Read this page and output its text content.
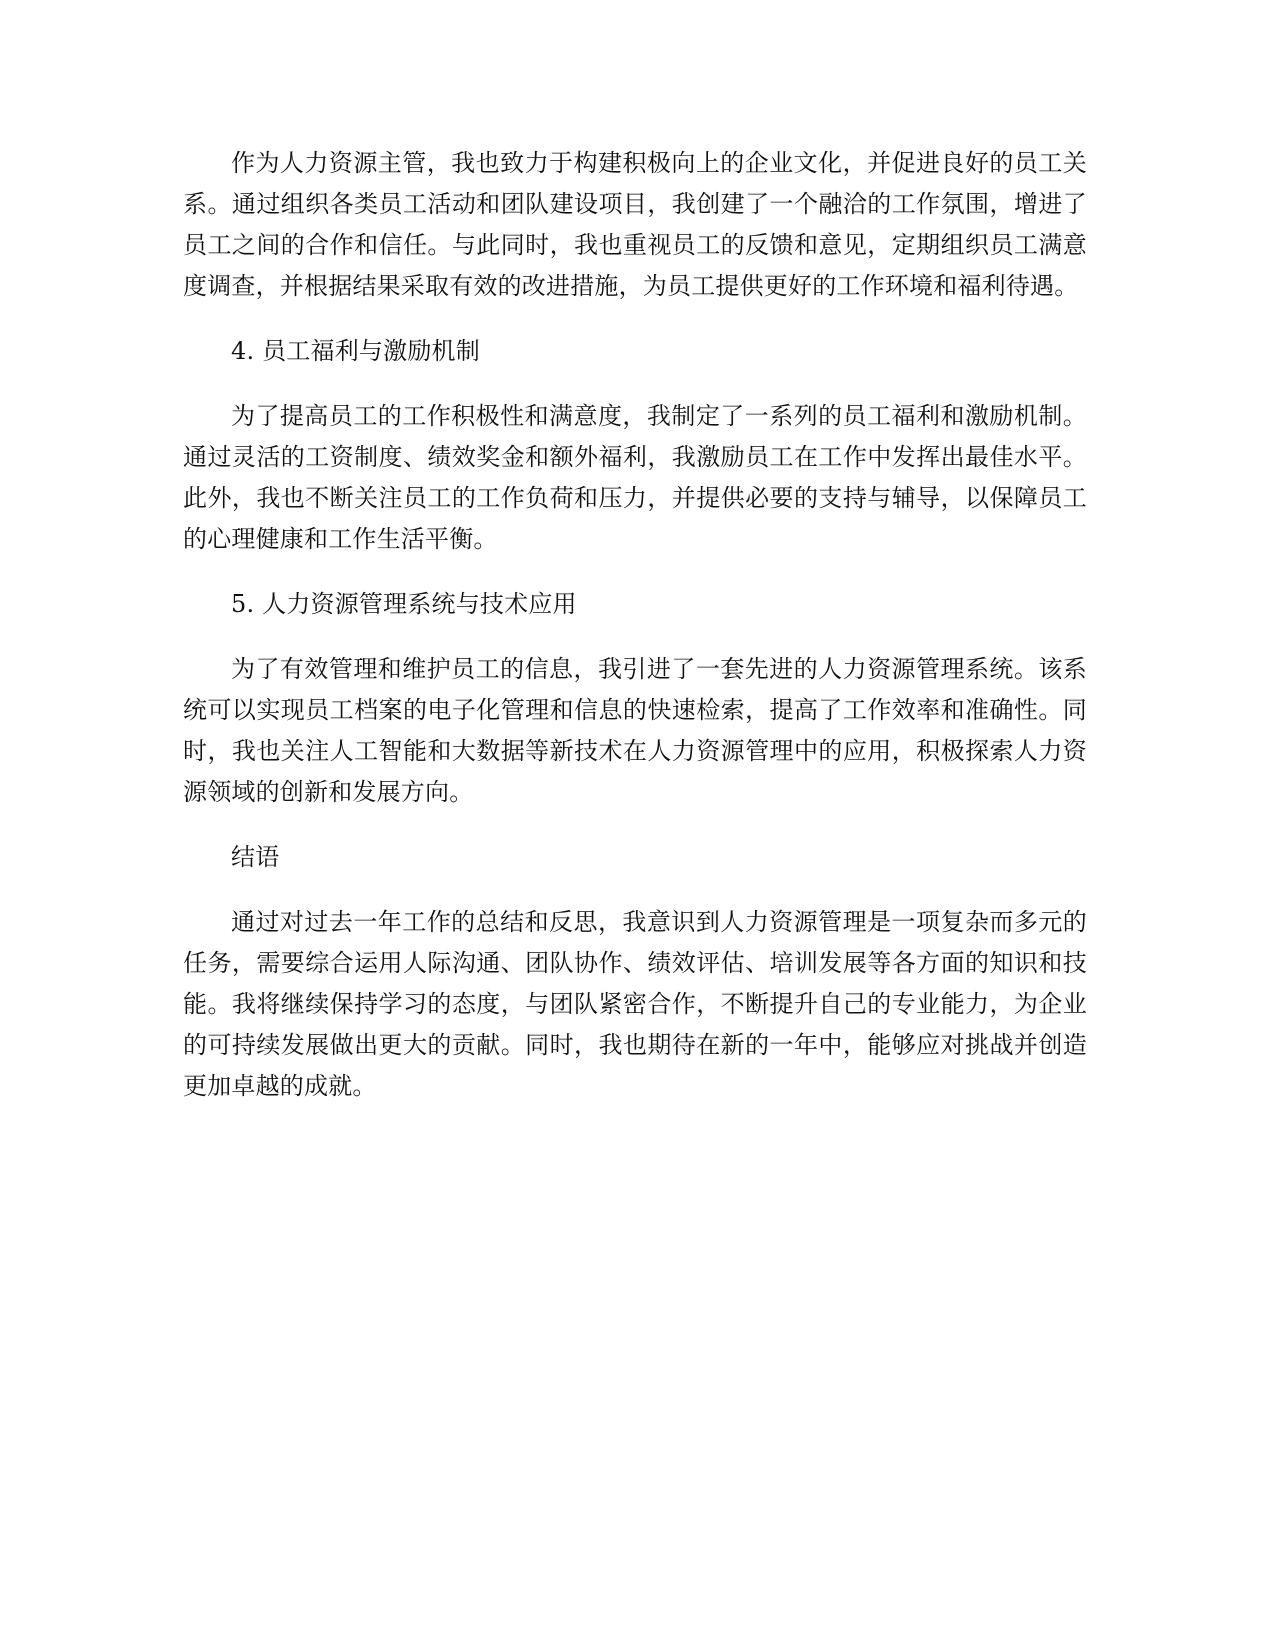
作为人力资源主管，我也致力于构建积极向上的企业文化，并促进良好的员工关系。通过组织各类员工活动和团队建设项目，我创建了一个融洽的工作氛围，增进了员工之间的合作和信任。与此同时，我也重视员工的反馈和意见，定期组织员工满意度调查，并根据结果采取有效的改进措施，为员工提供更好的工作环境和福利待遇。

4. 员工福利与激励机制

为了提高员工的工作积极性和满意度，我制定了一系列的员工福利和激励机制。通过灵活的工资制度、绩效奖金和额外福利，我激励员工在工作中发挥出最佳水平。此外，我也不断关注员工的工作负荷和压力，并提供必要的支持与辅导，以保障员工的心理健康和工作生活平衡。

5. 人力资源管理系统与技术应用

为了有效管理和维护员工的信息，我引进了一套先进的人力资源管理系统。该系统可以实现员工档案的电子化管理和信息的快速检索，提高了工作效率和准确性。同时，我也关注人工智能和大数据等新技术在人力资源管理中的应用，积极探索人力资源领域的创新和发展方向。

结语

通过对过去一年工作的总结和反思，我意识到人力资源管理是一项复杂而多元的任务，需要综合运用人际沟通、团队协作、绩效评估、培训发展等各方面的知识和技能。我将继续保持学习的态度，与团队紧密合作，不断提升自己的专业能力，为企业的可持续发展做出更大的贡献。同时，我也期待在新的一年中，能够应对挑战并创造更加卓越的成就。
